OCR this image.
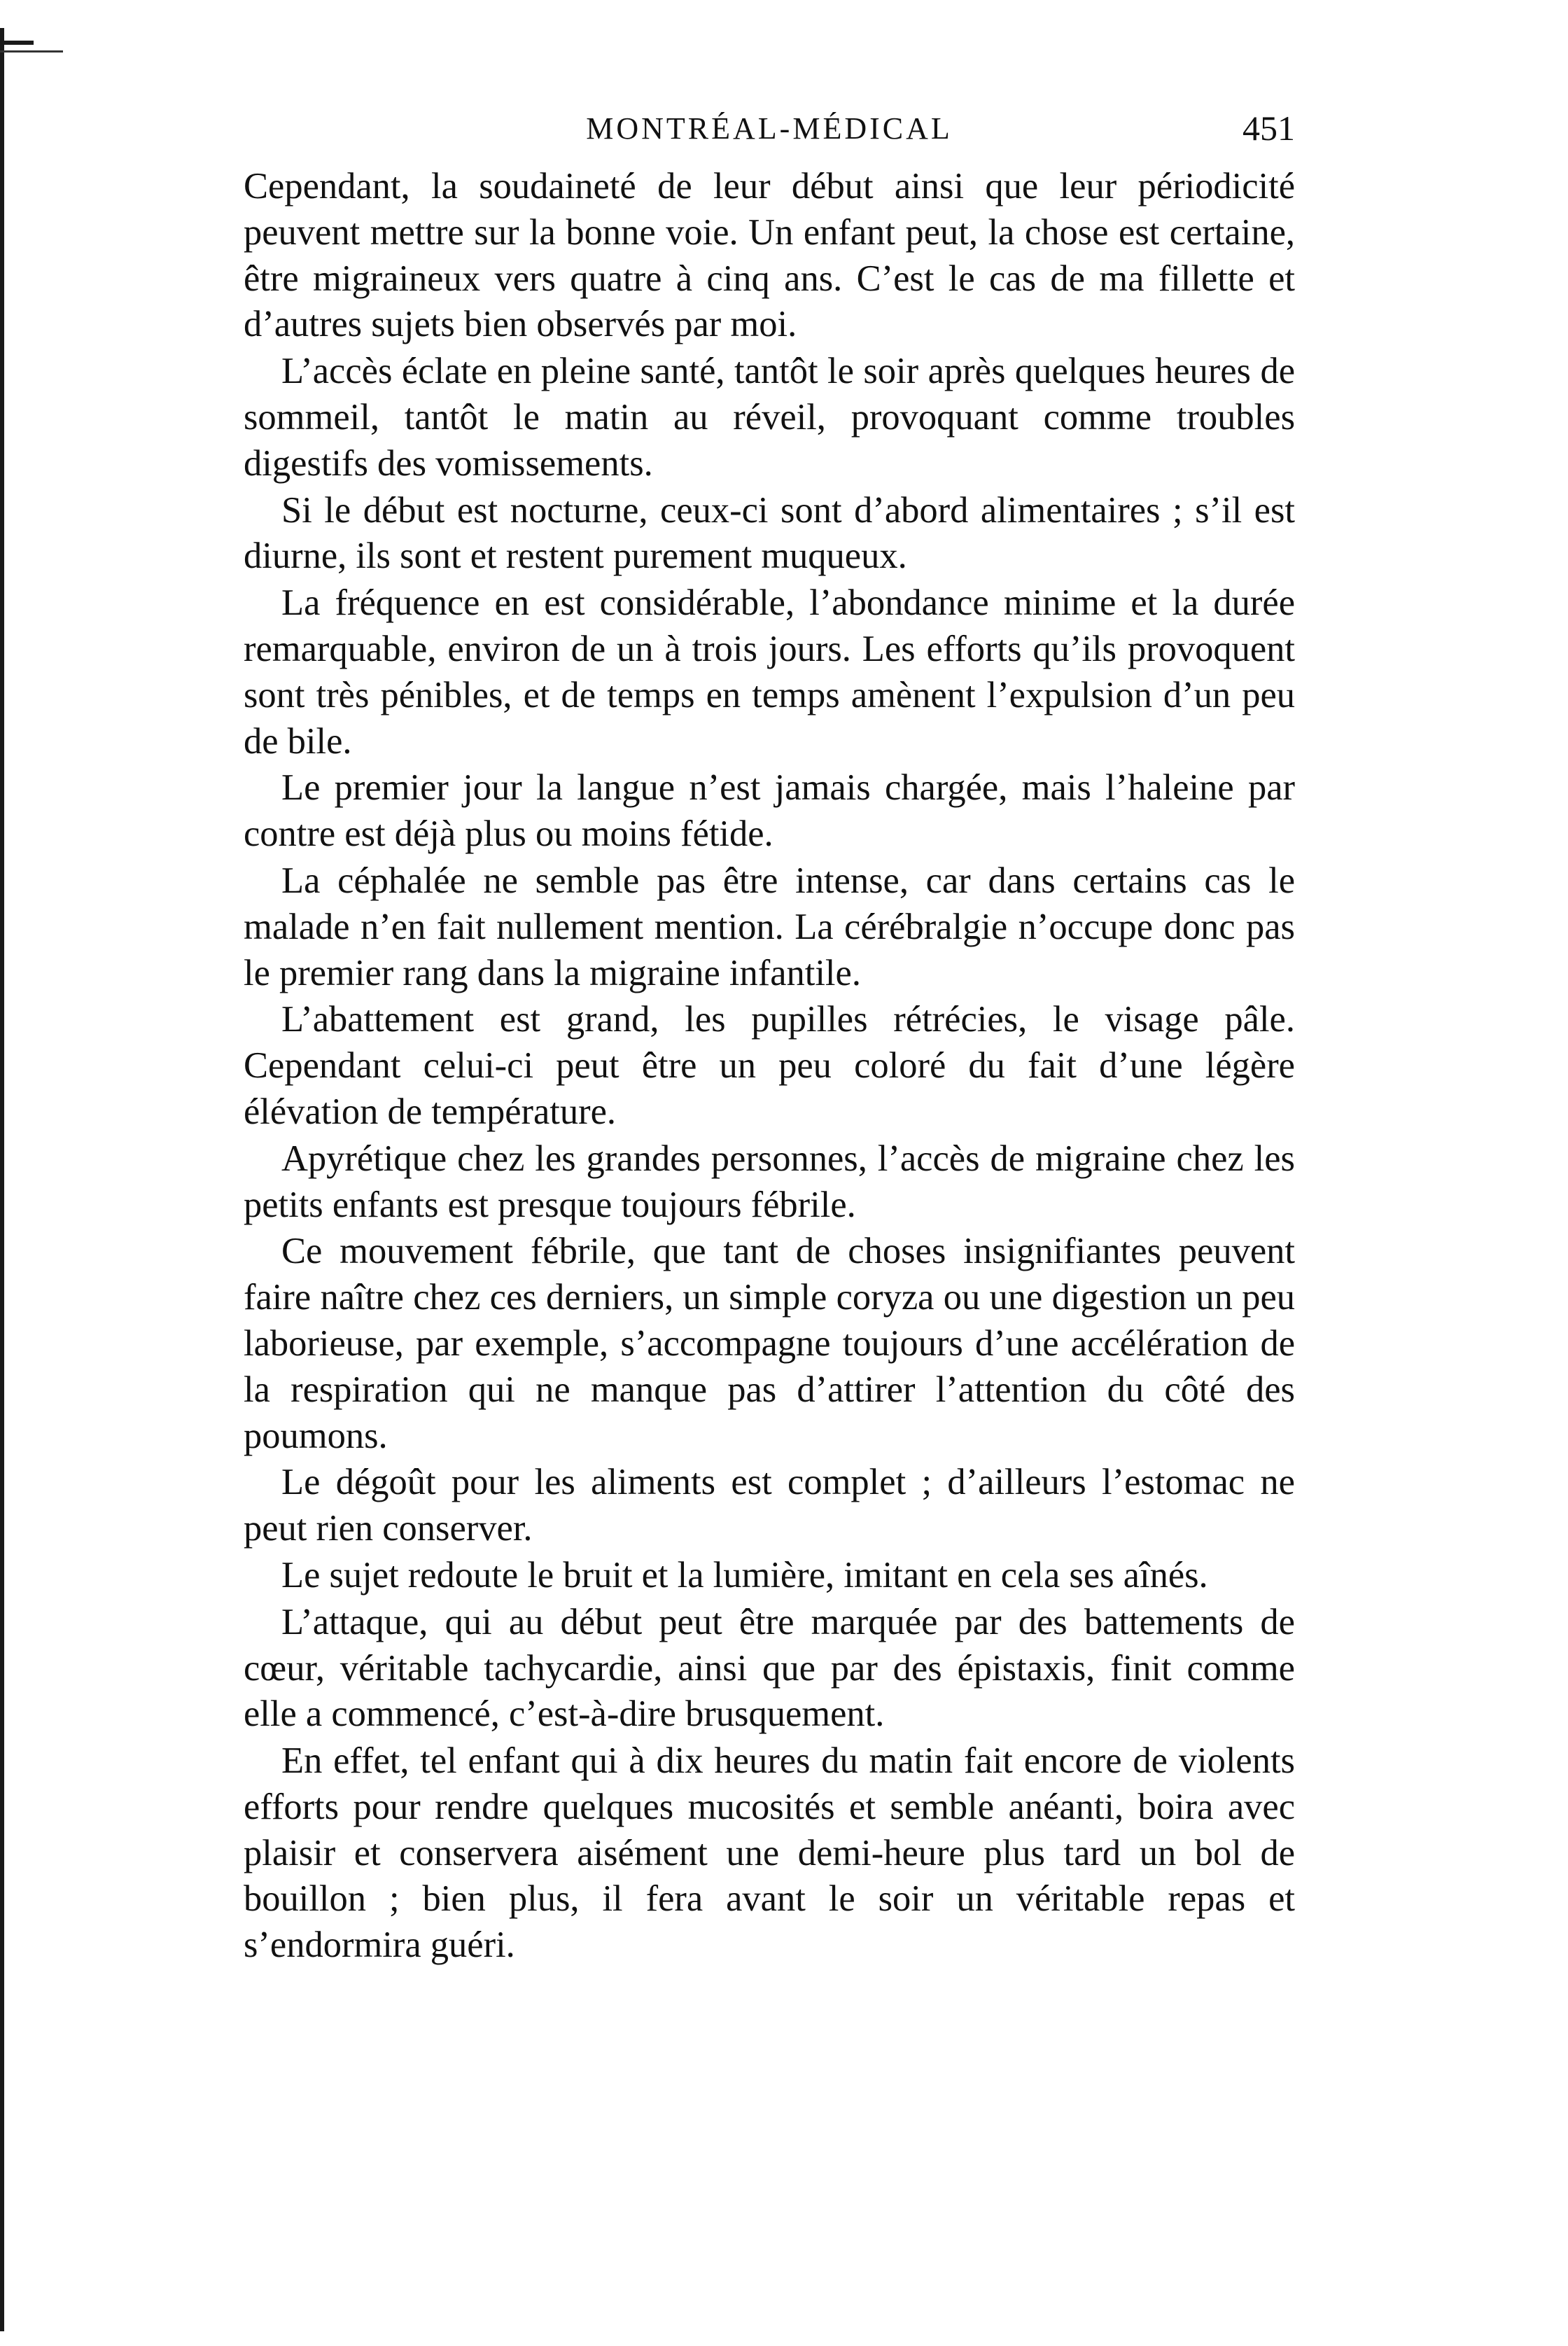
MONTRÉAL-MÉDICAL	451

Cependant, la soudaineté de leur début ainsi que leur périodicité peuvent mettre sur la bonne voie. Un enfant peut, la chose est certaine, être migraineux vers quatre à cinq ans. C’est le cas de ma fillette et d’autres sujets bien observés par moi.

L’accès éclate en pleine santé, tantôt le soir après quelques heures de sommeil, tantôt le matin au réveil, provoquant comme troubles digestifs des vomissements.

Si le début est nocturne, ceux-ci sont d’abord alimentaires ; s’il est diurne, ils sont et restent purement muqueux.

La fréquence en est considérable, l’abondance minime et la durée remarquable, environ de un à trois jours. Les efforts qu’ils provoquent sont très pénibles, et de temps en temps amènent l’expulsion d’un peu de bile.

Le premier jour la langue n’est jamais chargée, mais l’haleine par contre est déjà plus ou moins fétide.

La céphalée ne semble pas être intense, car dans certains cas le malade n’en fait nullement mention. La cérébralgie n’occupe donc pas le premier rang dans la migraine infantile.

L’abattement est grand, les pupilles rétrécies, le visage pâle. Cependant celui-ci peut être un peu coloré du fait d’une légère élévation de température.

Apyrétique chez les grandes personnes, l’accès de migraine chez les petits enfants est presque toujours fébrile.

Ce mouvement fébrile, que tant de choses insignifiantes peuvent faire naître chez ces derniers, un simple coryza ou une digestion un peu laborieuse, par exemple, s’accompagne toujours d’une accélération de la respiration qui ne manque pas d’attirer l’attention du côté des poumons.

Le dégoût pour les aliments est complet ; d’ailleurs l’estomac ne peut rien conserver.

Le sujet redoute le bruit et la lumière, imitant en cela ses aînés.

L’attaque, qui au début peut être marquée par des battements de cœur, véritable tachycardie, ainsi que par des épistaxis, finit comme elle a commencé, c’est-à-dire brusquement.

En effet, tel enfant qui à dix heures du matin fait encore de violents efforts pour rendre quelques mucosités et semble anéanti, boira avec plaisir et conservera aisément une demi-heure plus tard un bol de bouillon ; bien plus, il fera avant le soir un véritable repas et s’endormira guéri.
